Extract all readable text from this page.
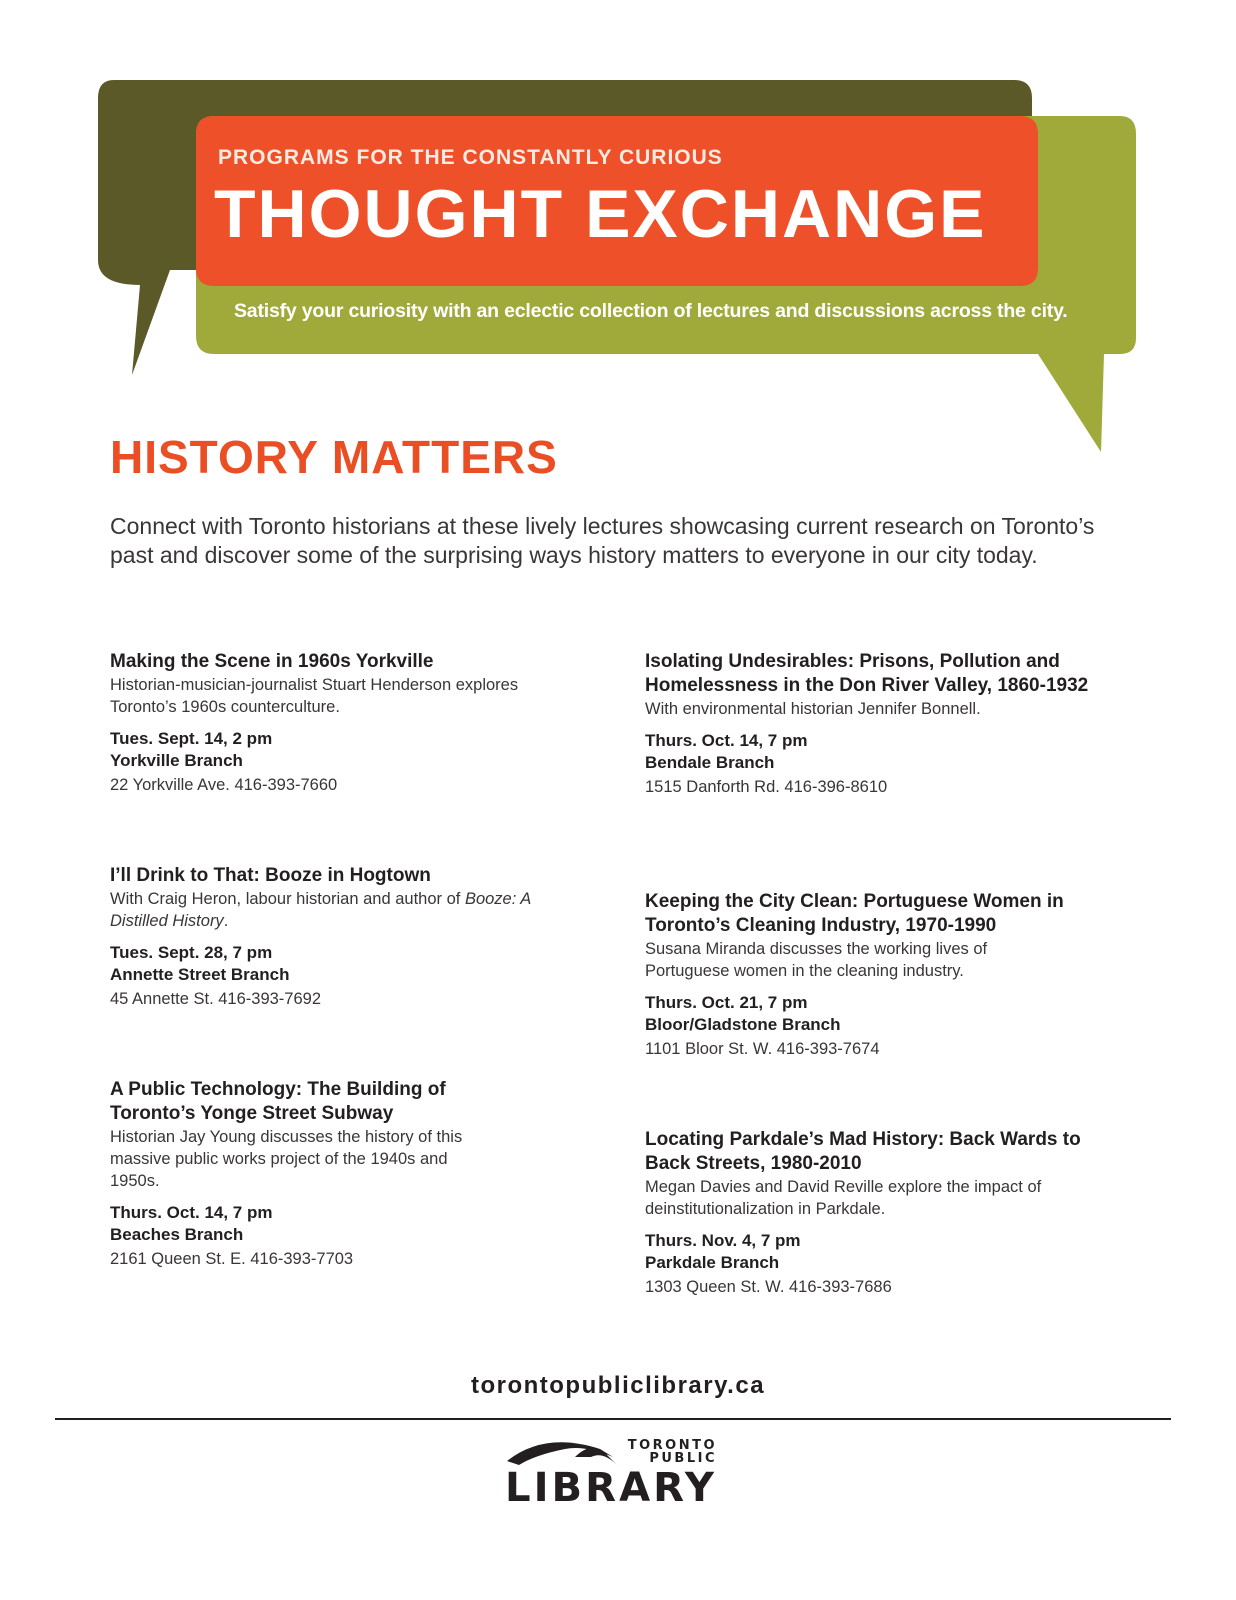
PROGRAMS FOR THE CONSTANTLY CURIOUS
THOUGHT EXCHANGE
Satisfy your curiosity with an eclectic collection of lectures and discussions across the city.
HISTORY MATTERS

Connect with Toronto historians at these lively lectures showcasing current research on Toronto’s past and discover some of the surprising ways history matters to everyone in our city today.

Making the Scene in 1960s Yorkville

Historian-musician-journalist Stuart Henderson explores Toronto’s 1960s counterculture.

Tues. Sept. 14, 2 pm

Yorkville Branch

22 Yorkville Ave. 416-393-7660

I’ll Drink to That: Booze in Hogtown

With Craig Heron, labour historian and author of Booze: A Distilled History.

Tues. Sept. 28, 7 pm

Annette Street Branch

45 Annette St. 416-393-7692

A Public Technology: The Building of Toronto’s Yonge Street Subway

Historian Jay Young discusses the history of this massive public works project of the 1940s and 1950s.

Thurs. Oct. 14, 7 pm

Beaches Branch

2161 Queen St. E. 416-393-7703

Isolating Undesirables: Prisons, Pollution and Homelessness in the Don River Valley, 1860-1932

With environmental historian Jennifer Bonnell.

Thurs. Oct. 14, 7 pm

Bendale Branch

1515 Danforth Rd. 416-396-8610

Keeping the City Clean: Portuguese Women in Toronto’s Cleaning Industry, 1970-1990

Susana Miranda discusses the working lives of Portuguese women in the cleaning industry.

Thurs. Oct. 21, 7 pm

Bloor/Gladstone Branch

1101 Bloor St. W. 416-393-7674

Locating Parkdale’s Mad History: Back Wards to Back Streets, 1980-2010

Megan Davies and David Reville explore the impact of deinstitutionalization in Parkdale.

Thurs. Nov. 4, 7 pm

Parkdale Branch

1303 Queen St. W. 416-393-7686

torontopubliclibrary.ca
TORONTO
PUBLIC
LIBRARY
